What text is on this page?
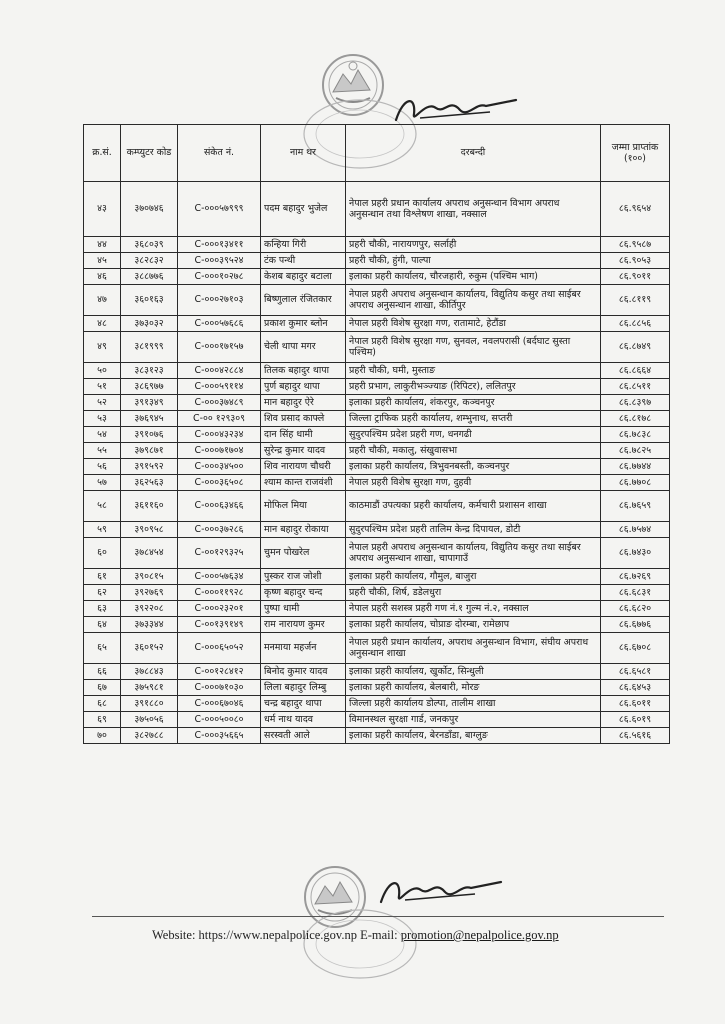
क्र.सं.	कम्प्युटर कोड	संकेत नं.	नाम थर	दरबन्दी	जम्मा प्राप्तांक (१००)
४३	३७०७४६	C-०००५७९९९	पदम बहादुर भुजेल	नेपाल प्रहरी प्रधान कार्यालय अपराध अनुसन्धान विभाग अपराध अनुसन्धान तथा विश्लेषण शाखा, नक्साल	८६.९६५४
४४	३६८०३९	C-०००१३४११	कन्हिया गिरी	प्रहरी चौकी, नारायणपुर, सर्लाही	८६.९५८७
४५	३८२८३२	C-०००३९५२४	टंक पन्थी	प्रहरी चौकी, हुंगी, पाल्पा	८६.९०५३
४६	३८८७७६	C-०००१०२७८	केशब बहादुर बटाला	इलाका प्रहरी कार्यालय, चौरजहारी, रुकुम (पश्चिम भाग)	८६.९०११
४७	३६०१६३	C-०००२७१०३	बिष्णुलाल रंजितकार	नेपाल प्रहरी अपराध अनुसन्धान कार्यालय, विद्युतिय कसुर तथा साईबर अपराध अनुसन्धान शाखा, कीर्तिपुर	८६.८११९
४८	३७३०३२	C-०००५७६८६	प्रकाश कुमार ब्लोन	नेपाल प्रहरी विशेष सुरक्षा गण, रातामाटे, हेटौंडा	८६.८८५६
४९	३८१९९९	C-०००१७१५७	चेली थापा मगर	नेपाल प्रहरी विशेष सुरक्षा गण, सुनवल, नवलपरासी (बर्दघाट सुस्ता पश्चिम)	८६.८७४९
५०	३८३१२३	C-०००४२८८४	तिलक बहादुर थापा	प्रहरी चौकी, घमी, मुस्ताङ	८६.८६६४
५१	३८६९७७	C-०००५९११४	पुर्ण बहादुर थापा	प्रहरी प्रभाग, लाकुरीभञ्ज्याङ (रिपिटर), ललितपुर	८६.८५११
५२	३९१३४९	C-०००३७४८९	मान बहादुर ऐरे	इलाका प्रहरी कार्यालय, शंकरपुर, कञ्चनपुर	८६.८३९७
५३	३७६९४५	C-०० १२९३०९	शिव प्रसाद काफ्ले	जिल्ला ट्राफिक प्रहरी कार्यालय, शम्भुनाथ, सप्तरी	८६.८१७८
५४	३९१०७६	C-०००४३२३४	दान सिंह धामी	सुदुरपश्चिम प्रदेश प्रहरी गण, धनगढी	८६.७८३८
५५	३७९८७१	C-०००७१७०४	सुरेन्द्र कुमार यादव	प्रहरी चौकी, मकालु, संखुवासभा	८६.७८२५
५६	३९१५९२	C-०००३४५००	शिव नारायण चौधरी	इलाका प्रहरी कार्यालय, त्रिभुवनबस्ती, कञ्चनपुर	८६.७७४४
५७	३६२५६३	C-०००३६५०८	श्याम कान्त राजवंशी	नेपाल प्रहरी विशेष सुरक्षा गण, दुहवी	८६.७७०८
५८	३६११६०	C-०००६३४६६	मोफिल मिया	काठमाडौं उपत्यका प्रहरी कार्यालय, कर्मचारी प्रशासन शाखा	८६.७६५९
५९	३९०९५८	C-०००३७२८६	मान बहादुर रोकाया	सुदुरपश्चिम प्रदेश प्रहरी तालिम केन्द्र दिपायल, डोटी	८६.७५७४
६०	३७८४५४	C-००१२९३२५	चुमन पोखरेल	नेपाल प्रहरी अपराध अनुसन्धान कार्यालय, विद्युतिय कसुर तथा साईबर अपराध अनुसन्धान शाखा, चापागाउँ	८६.७४३०
६१	३९०८१५	C-०००५७६३४	पुस्कर राज जोशी	इलाका प्रहरी कार्यालय, गौमुल, बाजुरा	८६.७२६९
६२	३९२७६९	C-०००११९२८	कृष्ण बहादुर चन्द	प्रहरी चौकी, शिर्ष, डडेलधुरा	८६.६८३१
६३	३९२२०८	C-०००२३२०१	पुष्पा धामी	नेपाल प्रहरी सशस्त्र प्रहरी गण नं.१ गुल्म नं.२, नक्साल	८६.६८२०
६४	३७३३४४	C-००१३९१४९	राम नारायण कुमर	इलाका प्रहरी कार्यालय, चोप्राङ दोरम्बा, रामेछाप	८६.६७७६
६५	३६०१५२	C-०००६५०५२	मनमाया महर्जन	नेपाल प्रहरी प्रधान कार्यालय, अपराध अनुसन्धान विभाग, संघीय अपराध अनुसन्धान शाखा	८६.६७०८
६६	३७८८४३	C-००१२८४१२	बिनोद कुमार यादव	इलाका प्रहरी कार्यालय, खुर्कोट, सिन्धुली	८६.६५८१
६७	३७५९८१	C-०००७१०३०	लिला बहादुर लिम्बु	इलाका प्रहरी कार्यालय, बेलबारी, मोरङ	८६.६४५३
६८	३९१८८०	C-०००६७०४६	चन्द्र बहादुर थापा	जिल्ला प्रहरी कार्यालय डोल्पा, तालीम शाखा	८६.६०११
६९	३७५०५६	C-०००५००८०	धर्म नाथ यादव	विमानस्थल सुरक्षा गार्ड, जनकपुर	८६.६०१९
७०	३८२७८८	C-०००३५६६५	सरस्वती आले	इलाका प्रहरी कार्यालय, बेरनडाँडा, बाग्लुङ	८६.५६१६
Website: https://www.nepalpolice.gov.np E-mail: promotion@nepalpolice.gov.np
